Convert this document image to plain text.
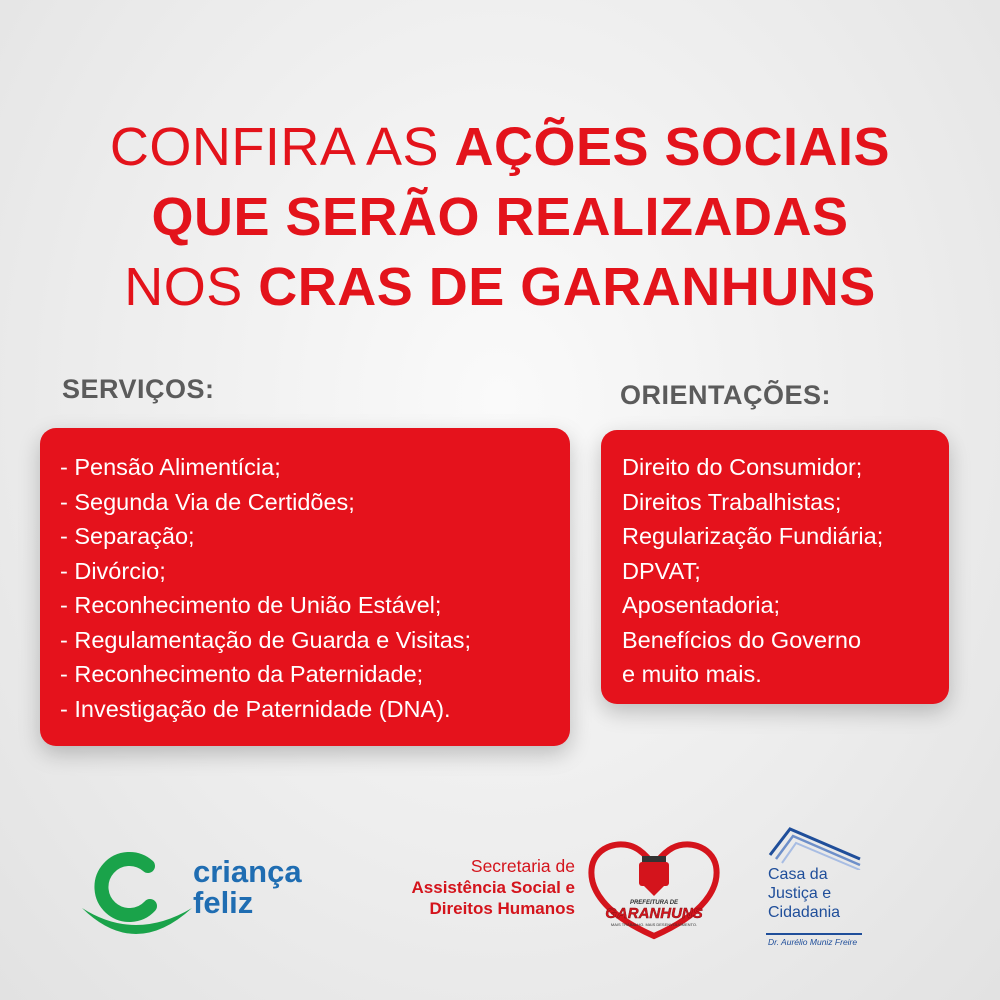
CONFIRA AS AÇÕES SOCIAIS
QUE SERÃO REALIZADAS
NOS CRAS DE GARANHUNS
SERVIÇOS:	ORIENTAÇÕES:
- Pensão Alimentícia;
- Segunda Via de Certidões;
- Separação;
- Divórcio;
- Reconhecimento de União Estável;
- Regulamentação de Guarda e Visitas;
- Reconhecimento da Paternidade;
- Investigação de Paternidade (DNA).
Direito do Consumidor;
Direitos Trabalhistas;
Regularização Fundiária;
DPVAT;
Aposentadoria;
Benefícios do Governo
e muito mais.
criança
feliz
Secretaria de
Assistência Social e
Direitos Humanos	PREFEITURA DE
GARANHUNS
MAIS TRABALHO. MAIS DESENVOLVIMENTO.
Casa da
Justiça e
Cidadania
Dr. Aurélio Muniz Freire
